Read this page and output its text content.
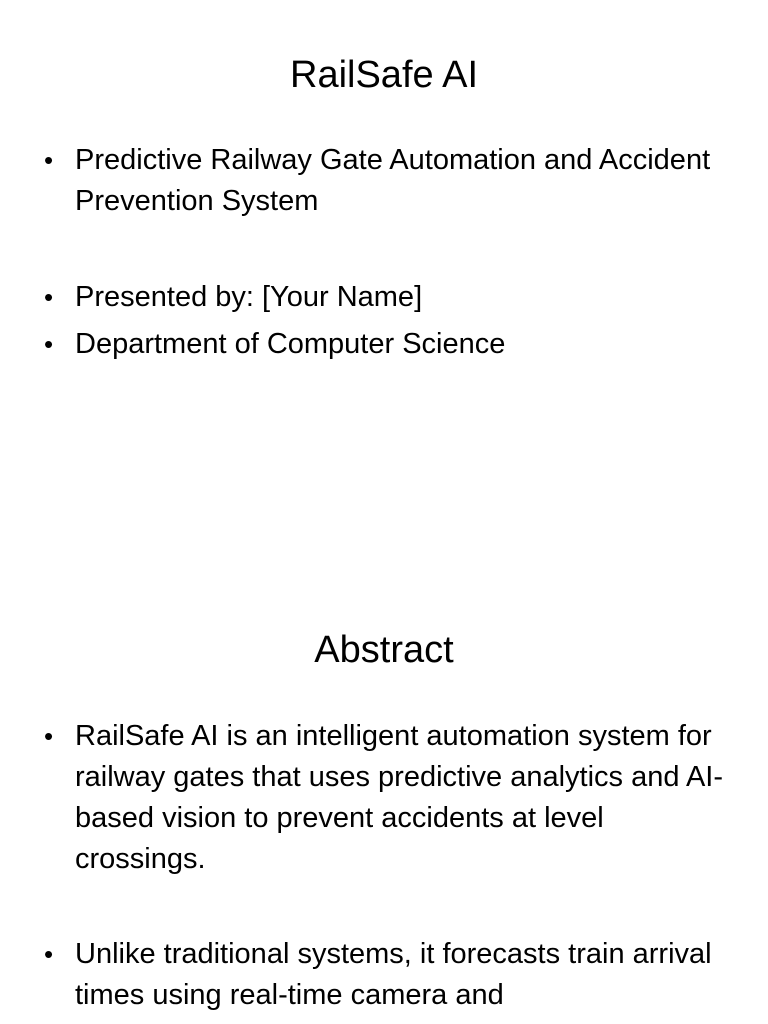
RailSafe AI
• Predictive Railway Gate Automation and Accident Prevention System
• Presented by: [Your Name]
• Department of Computer Science
Abstract
• RailSafe AI is an intelligent automation system for railway gates that uses predictive analytics and AI-based vision to prevent accidents at level crossings.
• Unlike traditional systems, it forecasts train arrival times using real-time camera and
